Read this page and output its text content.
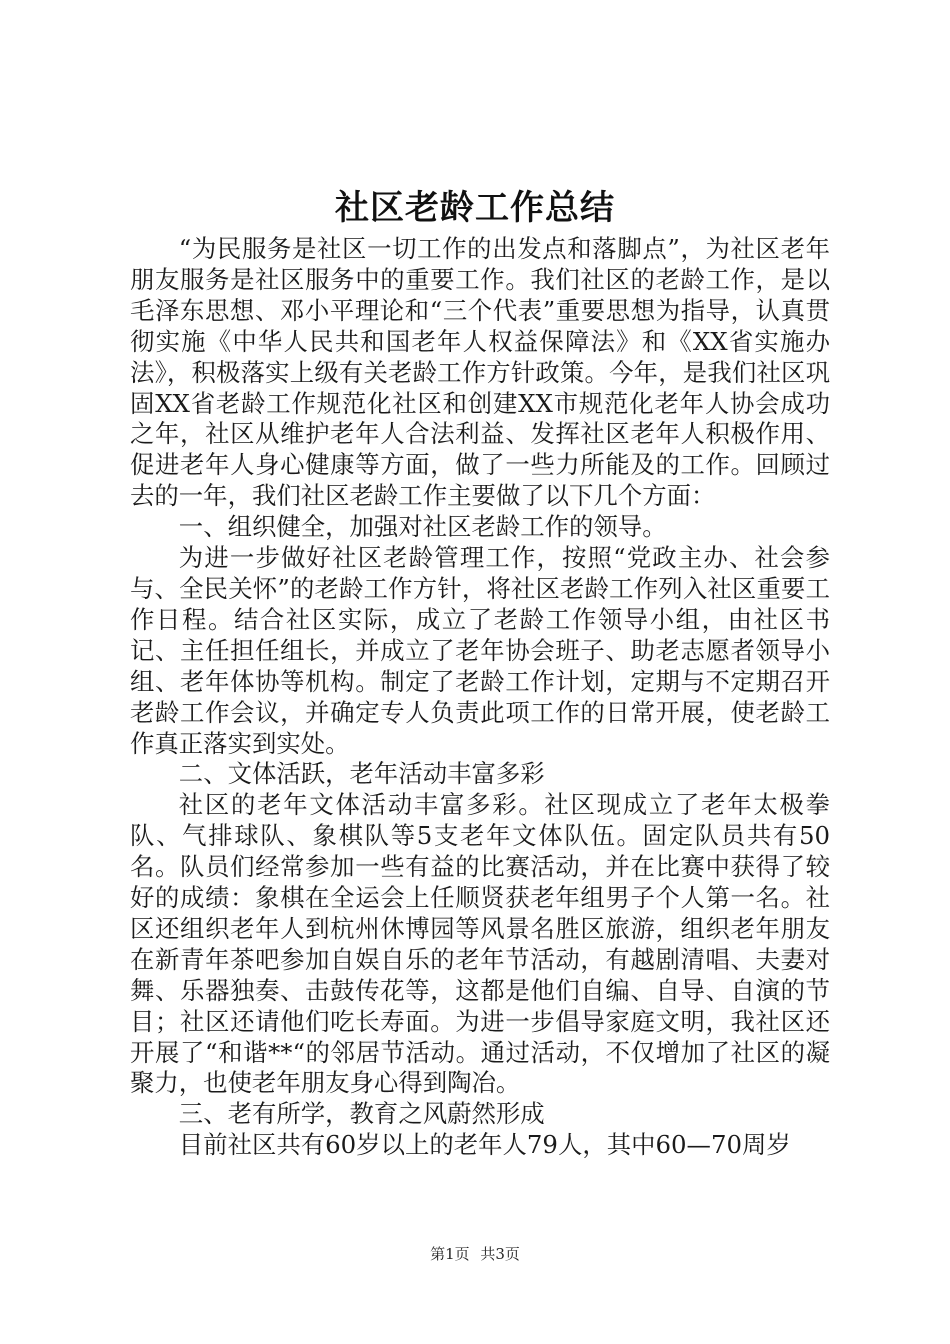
社区老龄工作总结

“为民服务是社区一切工作的出发点和落脚点”，为社区老年朋友服务是社区服务中的重要工作。我们社区的老龄工作，是以毛泽东思想、邓小平理论和“三个代表”重要思想为指导，认真贯彻实施《中华人民共和国老年人权益保障法》和《XX省实施办法》，积极落实上级有关老龄工作方针政策。今年，是我们社区巩固XX省老龄工作规范化社区和创建XX市规范化老年人协会成功之年，社区从维护老年人合法利益、发挥社区老年人积极作用、促进老年人身心健康等方面，做了一些力所能及的工作。回顾过去的一年，我们社区老龄工作主要做了以下几个方面：

一、组织健全，加强对社区老龄工作的领导。

为进一步做好社区老龄管理工作，按照“党政主办、社会参与、全民关怀”的老龄工作方针，将社区老龄工作列入社区重要工作日程。结合社区实际，成立了老龄工作领导小组，由社区书记、主任担任组长，并成立了老年协会班子、助老志愿者领导小组、老年体协等机构。制定了老龄工作计划，定期与不定期召开老龄工作会议，并确定专人负责此项工作的日常开展，使老龄工作真正落实到实处。

二、文体活跃，老年活动丰富多彩

社区的老年文体活动丰富多彩。社区现成立了老年太极拳队、气排球队、象棋队等5支老年文体队伍。固定队员共有50名。队员们经常参加一些有益的比赛活动，并在比赛中获得了较好的成绩：象棋在全运会上任顺贤获老年组男子个人第一名。社区还组织老年人到杭州休博园等风景名胜区旅游，组织老年朋友在新青年茶吧参加自娱自乐的老年节活动，有越剧清唱、夫妻对舞、乐器独奏、击鼓传花等，这都是他们自编、自导、自演的节目；社区还请他们吃长寿面。为进一步倡导家庭文明，我社区还开展了“和谐**“的邻居节活动。通过活动，不仅增加了社区的凝聚力，也使老年朋友身心得到陶冶。

三、老有所学，教育之风蔚然形成

目前社区共有60岁以上的老年人79人，其中60—70周岁

第1页 共3页
